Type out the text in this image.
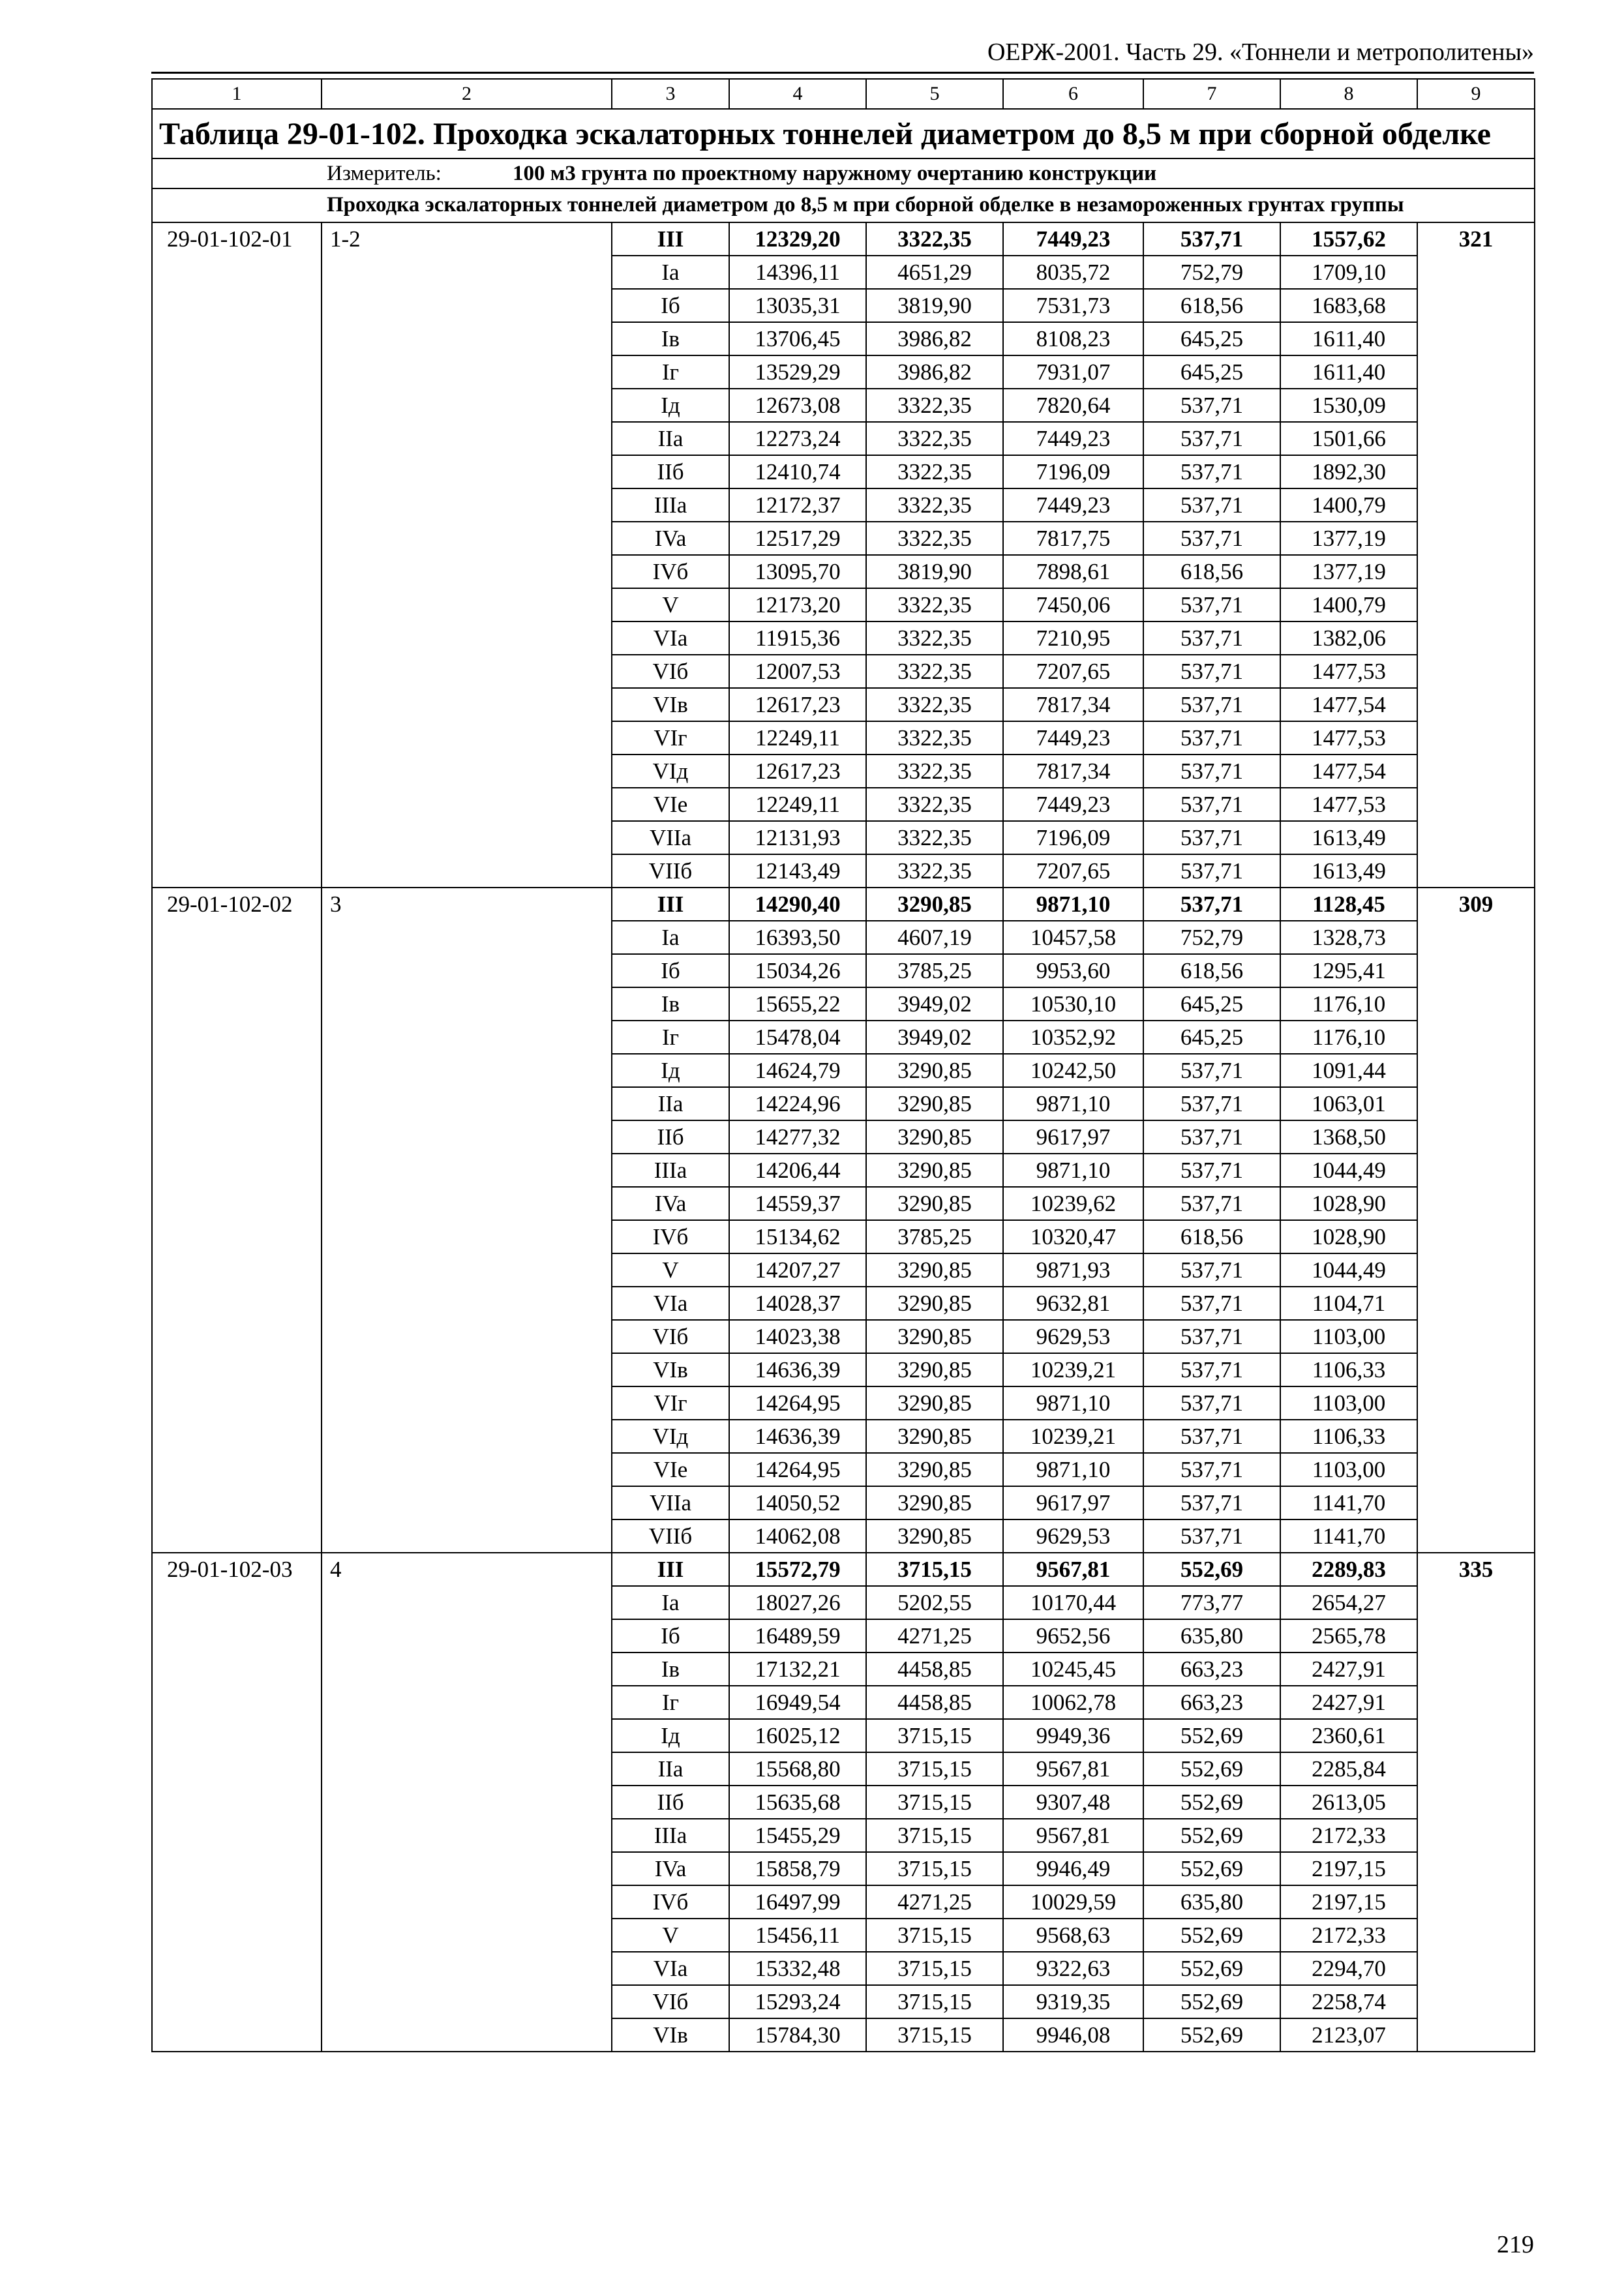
ОЕРЖ-2001. Часть 29. «Тоннели и метрополитены»
1	2	3	4	5	6	7	8	9
Таблица 29-01-102. Проходка эскалаторных тоннелей диаметром до 8,5 м при сборной обделке								
	Измеритель: 100 м3 грунта по проектному наружному очертанию конструкции							
	Проходка эскалаторных тоннелей диаметром до 8,5 м при сборной обделке в незамороженных грунтах группы							
29-01-102-01	1-2	III	12329,20	3322,35	7449,23	537,71	1557,62	321
		Ia	14396,11	4651,29	8035,72	752,79	1709,10	
		Iб	13035,31	3819,90	7531,73	618,56	1683,68	
		Iв	13706,45	3986,82	8108,23	645,25	1611,40	
		Iг	13529,29	3986,82	7931,07	645,25	1611,40	
		Iд	12673,08	3322,35	7820,64	537,71	1530,09	
		IIa	12273,24	3322,35	7449,23	537,71	1501,66	
		IIб	12410,74	3322,35	7196,09	537,71	1892,30	
		IIIa	12172,37	3322,35	7449,23	537,71	1400,79	
		IVa	12517,29	3322,35	7817,75	537,71	1377,19	
		IVб	13095,70	3819,90	7898,61	618,56	1377,19	
		V	12173,20	3322,35	7450,06	537,71	1400,79	
		VIa	11915,36	3322,35	7210,95	537,71	1382,06	
		VIб	12007,53	3322,35	7207,65	537,71	1477,53	
		VIв	12617,23	3322,35	7817,34	537,71	1477,54	
		VIг	12249,11	3322,35	7449,23	537,71	1477,53	
		VIд	12617,23	3322,35	7817,34	537,71	1477,54	
		VIe	12249,11	3322,35	7449,23	537,71	1477,53	
		VIIa	12131,93	3322,35	7196,09	537,71	1613,49	
		VIIб	12143,49	3322,35	7207,65	537,71	1613,49	
29-01-102-02	3	III	14290,40	3290,85	9871,10	537,71	1128,45	309
		Ia	16393,50	4607,19	10457,58	752,79	1328,73	
		Iб	15034,26	3785,25	9953,60	618,56	1295,41	
		Iв	15655,22	3949,02	10530,10	645,25	1176,10	
		Iг	15478,04	3949,02	10352,92	645,25	1176,10	
		Iд	14624,79	3290,85	10242,50	537,71	1091,44	
		IIa	14224,96	3290,85	9871,10	537,71	1063,01	
		IIб	14277,32	3290,85	9617,97	537,71	1368,50	
		IIIa	14206,44	3290,85	9871,10	537,71	1044,49	
		IVa	14559,37	3290,85	10239,62	537,71	1028,90	
		IVб	15134,62	3785,25	10320,47	618,56	1028,90	
		V	14207,27	3290,85	9871,93	537,71	1044,49	
		VIa	14028,37	3290,85	9632,81	537,71	1104,71	
		VIб	14023,38	3290,85	9629,53	537,71	1103,00	
		VIв	14636,39	3290,85	10239,21	537,71	1106,33	
		VIг	14264,95	3290,85	9871,10	537,71	1103,00	
		VIд	14636,39	3290,85	10239,21	537,71	1106,33	
		VIe	14264,95	3290,85	9871,10	537,71	1103,00	
		VIIa	14050,52	3290,85	9617,97	537,71	1141,70	
		VIIб	14062,08	3290,85	9629,53	537,71	1141,70	
29-01-102-03	4	III	15572,79	3715,15	9567,81	552,69	2289,83	335
		Ia	18027,26	5202,55	10170,44	773,77	2654,27	
		Iб	16489,59	4271,25	9652,56	635,80	2565,78	
		Iв	17132,21	4458,85	10245,45	663,23	2427,91	
		Iг	16949,54	4458,85	10062,78	663,23	2427,91	
		Iд	16025,12	3715,15	9949,36	552,69	2360,61	
		IIa	15568,80	3715,15	9567,81	552,69	2285,84	
		IIб	15635,68	3715,15	9307,48	552,69	2613,05	
		IIIa	15455,29	3715,15	9567,81	552,69	2172,33	
		IVa	15858,79	3715,15	9946,49	552,69	2197,15	
		IVб	16497,99	4271,25	10029,59	635,80	2197,15	
		V	15456,11	3715,15	9568,63	552,69	2172,33	
		VIa	15332,48	3715,15	9322,63	552,69	2294,70	
		VIб	15293,24	3715,15	9319,35	552,69	2258,74	
		VIв	15784,30	3715,15	9946,08	552,69	2123,07	
219
